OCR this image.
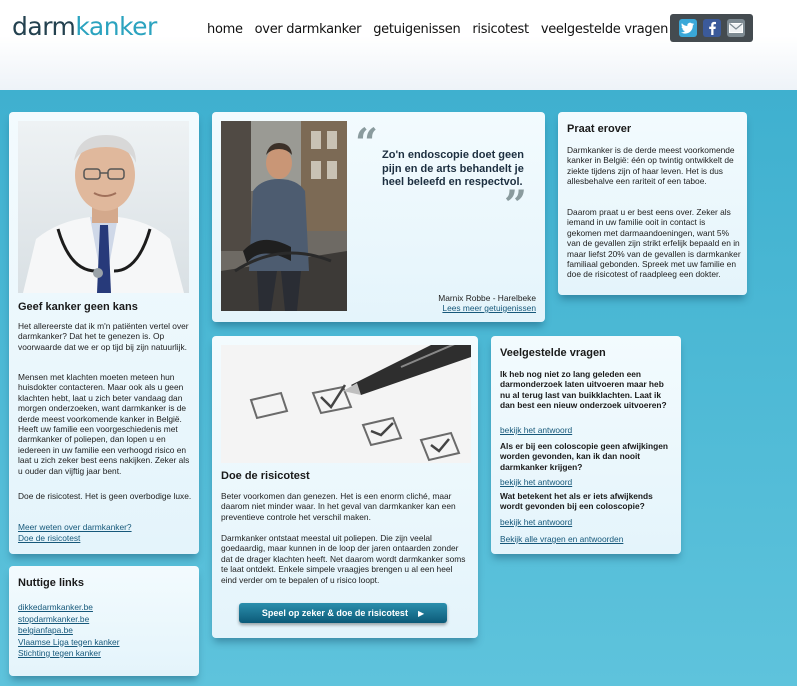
darmkanker	home over darmkanker getuigenissen risicotest veelgestelde vragen
Geef kanker geen kans

Het allereerste dat ik m'n patiënten vertel over darmkanker? Dat het te genezen is. Op voorwaarde dat we er op tijd bij zijn natuurlijk.

Mensen met klachten moeten meteen hun huisdokter contacteren. Maar ook als u geen klachten hebt, laat u zich beter vandaag dan morgen onderzoeken, want darmkanker is de derde meest voorkomende kanker in België. Heeft uw familie een voorgeschiedenis met darmkanker of poliepen, dan lopen u en iedereen in uw familie een verhoogd risico en laat u zich zeker best eens nakijken. Zeker als u ouder dan vijftig jaar bent.

Doe de risicotest. Het is geen overbodige luxe.

Meer weten over darmkanker?
Doe de risicotest
Nuttige links
dikkedarmkanker.be
stopdarmkanker.be
belgianfapa.be
Vlaamse Liga tegen kanker
Stichting tegen kanker
“ Zo'n endoscopie doet geen pijn en de arts behandelt je heel beleefd en respectvol.
”
Marnix Robbe - Harelbeke
Lees meer getuigenissen
Doe de risicotest

Beter voorkomen dan genezen. Het is een enorm cliché, maar daarom niet minder waar. In het geval van darmkanker kan een preventieve controle het verschil maken.

Darmkanker ontstaat meestal uit poliepen. Die zijn veelal goedaardig, maar kunnen in de loop der jaren ontaarden zonder dat de drager klachten heeft. Net daarom wordt darmkanker soms te laat ontdekt. Enkele simpele vraagjes brengen u al een heel eind verder om te bepalen of u risico loopt.

Speel op zeker & doe de risicotest ▶
Praat erover

Darmkanker is de derde meest voorkomende kanker in België: één op twintig ontwikkelt de ziekte tijdens zijn of haar leven. Het is dus allesbehalve een rariteit of een taboe.

Daarom praat u er best eens over. Zeker als iemand in uw familie ooit in contact is gekomen met darmaandoeningen, want 5% van de gevallen zijn strikt erfelijk bepaald en in maar liefst 20% van de gevallen is darmkanker familiaal gebonden. Spreek met uw familie en doe de risicotest of raadpleeg een dokter.

Veelgestelde vragen
Ik heb nog niet zo lang geleden een darmonderzoek laten uitvoeren maar heb nu al terug last van buikklachten. Laat ik dan best een nieuw onderzoek uitvoeren?
bekijk het antwoord
Als er bij een coloscopie geen afwijkingen worden gevonden, kan ik dan nooit darmkanker krijgen?
bekijk het antwoord
Wat betekent het als er iets afwijkends wordt gevonden bij een coloscopie?
bekijk het antwoord
Bekijk alle vragen en antwoorden
